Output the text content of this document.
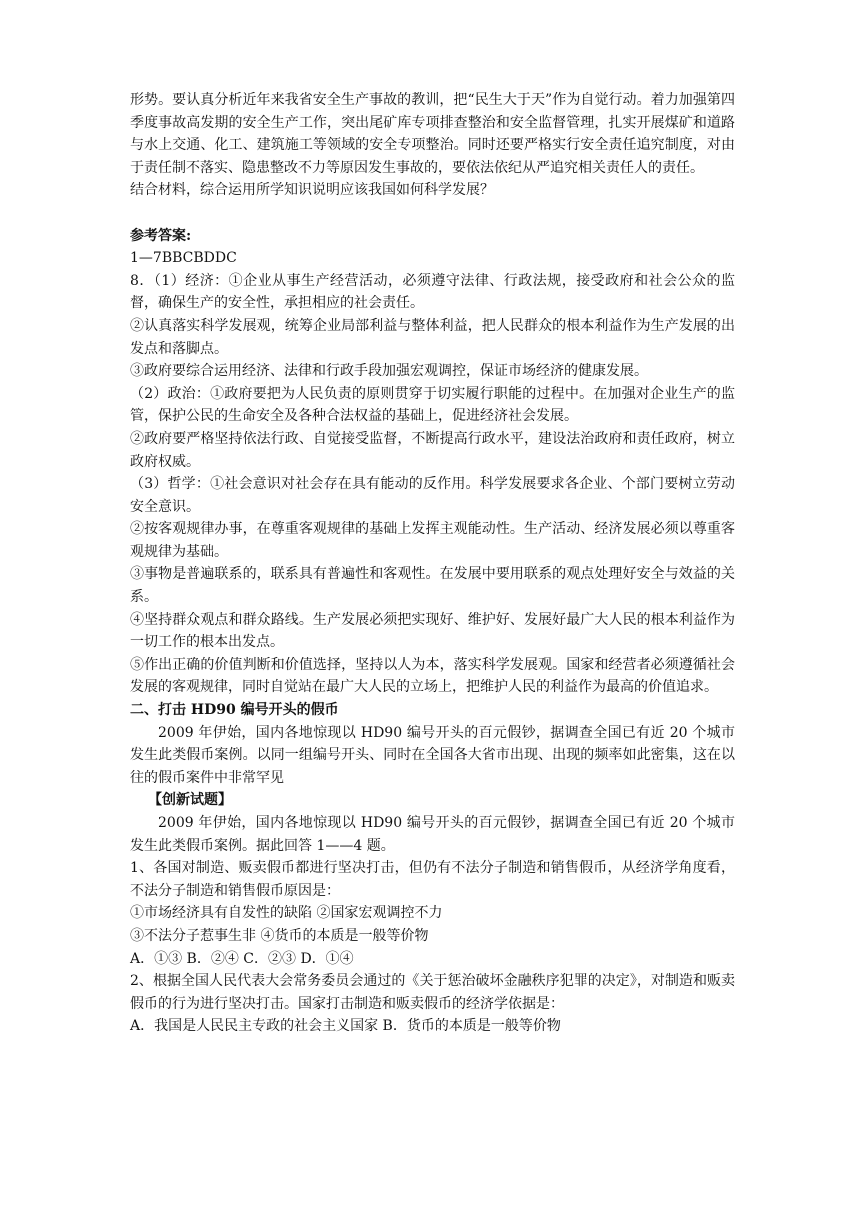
形势。要认真分析近年来我省安全生产事故的教训，把“民生大于天”作为自觉行动。着力加强第四季度事故高发期的安全生产工作，突出尾矿库专项排查整治和安全监督管理，扎实开展煤矿和道路与水上交通、化工、建筑施工等领域的安全专项整治。同时还要严格实行安全责任追究制度，对由于责任制不落实、隐患整改不力等原因发生事故的，要依法依纪从严追究相关责任人的责任。

结合材料，综合运用所学知识说明应该我国如何科学发展？

参考答案:

1—7BBCBDDC

8．（1）经济：①企业从事生产经营活动，必须遵守法律、行政法规，接受政府和社会公众的监督，确保生产的安全性，承担相应的社会责任。

②认真落实科学发展观，统筹企业局部利益与整体利益，把人民群众的根本利益作为生产发展的出发点和落脚点。

③政府要综合运用经济、法律和行政手段加强宏观调控，保证市场经济的健康发展。

（2）政治：①政府要把为人民负责的原则贯穿于切实履行职能的过程中。在加强对企业生产的监管，保护公民的生命安全及各种合法权益的基础上，促进经济社会发展。

②政府要严格坚持依法行政、自觉接受监督，不断提高行政水平，建设法治政府和责任政府，树立政府权威。

（3）哲学：①社会意识对社会存在具有能动的反作用。科学发展要求各企业、个部门要树立劳动安全意识。

②按客观规律办事，在尊重客观规律的基础上发挥主观能动性。生产活动、经济发展必须以尊重客观规律为基础。

③事物是普遍联系的，联系具有普遍性和客观性。在发展中要用联系的观点处理好安全与效益的关系。

④坚持群众观点和群众路线。生产发展必须把实现好、维护好、发展好最广大人民的根本利益作为一切工作的根本出发点。

⑤作出正确的价值判断和价值选择，坚持以人为本，落实科学发展观。国家和经营者必须遵循社会发展的客观规律，同时自觉站在最广大人民的立场上，把维护人民的利益作为最高的价值追求。

二、打击 HD90 编号开头的假币

2009 年伊始，国内各地惊现以 HD90 编号开头的百元假钞，据调查全国已有近 20 个城市发生此类假币案例。以同一组编号开头、同时在全国各大省市出现、出现的频率如此密集，这在以往的假币案件中非常罕见

【创新试题】

2009 年伊始，国内各地惊现以 HD90 编号开头的百元假钞，据调查全国已有近 20 个城市发生此类假币案例。据此回答 1——4 题。

1、各国对制造、贩卖假币都进行坚决打击，但仍有不法分子制造和销售假币，从经济学角度看，不法分子制造和销售假币原因是：

①市场经济具有自发性的缺陷 ②国家宏观调控不力

③不法分子惹事生非 ④货币的本质是一般等价物

A．①③ B．②④ C．②③ D．①④

2、根据全国人民代表大会常务委员会通过的《关于惩治破坏金融秩序犯罪的决定》，对制造和贩卖假币的行为进行坚决打击。国家打击制造和贩卖假币的经济学依据是：

A．我国是人民民主专政的社会主义国家 B．货币的本质是一般等价物
